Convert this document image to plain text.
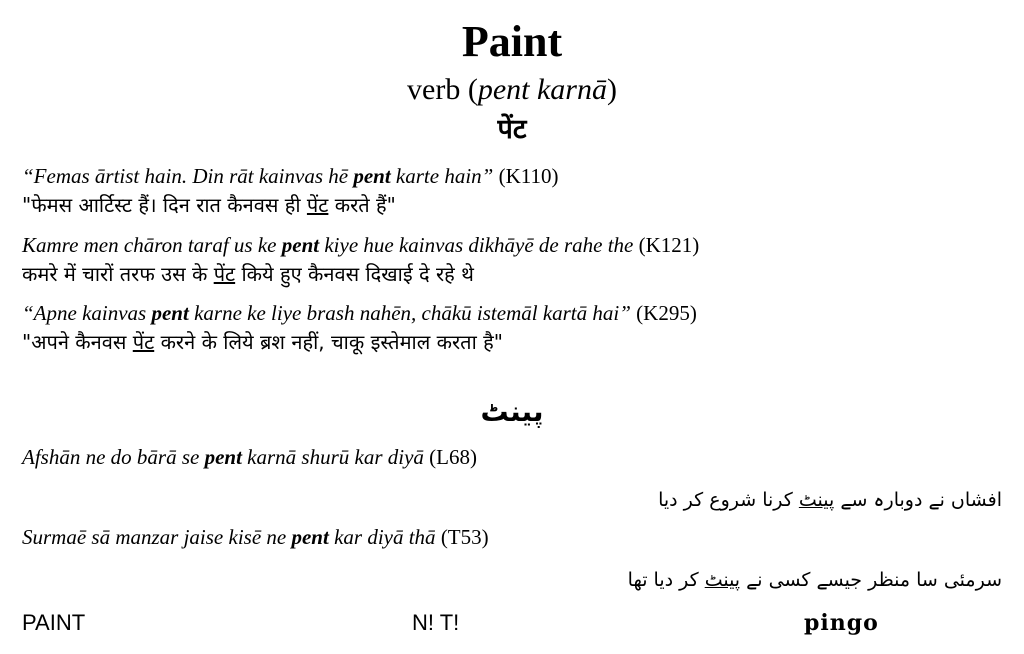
Paint
verb (pent karnā)
पेंट
“Femas ārtist hain. Din rāt kainvas hē pent karte hain” (K110)
"फेमस आर्टिस्ट हैं। दिन रात कैनवस ही पेंट करते हैं"
Kamre men chāron taraf us ke pent kiye hue kainvas dikhāyē de rahe the (K121)
कमरे में चारों तरफ उस के पेंट किये हुए कैनवस दिखाई दे रहे थे
“Apne kainvas pent karne ke liye brash nahēn, chākū istemāl kartā hai” (K295)
"अपने कैनवस पेंट करने के लिये ब्रश नहीं, चाकू इस्तेमाल करता है"
پینٹ
Afshān ne do bārā se pent karnā shurū kar diyā (L68)
افشاں نے دوبارہ سے پینٹ کرنا شروع کر دیا
Surmaē sā manzar jaise kisē ne pent kar diyā thā (T53)
سرمئی سا منظر جیسے کسی نے پینٹ کر دیا تھا
PAINT	N! T!	pingo
